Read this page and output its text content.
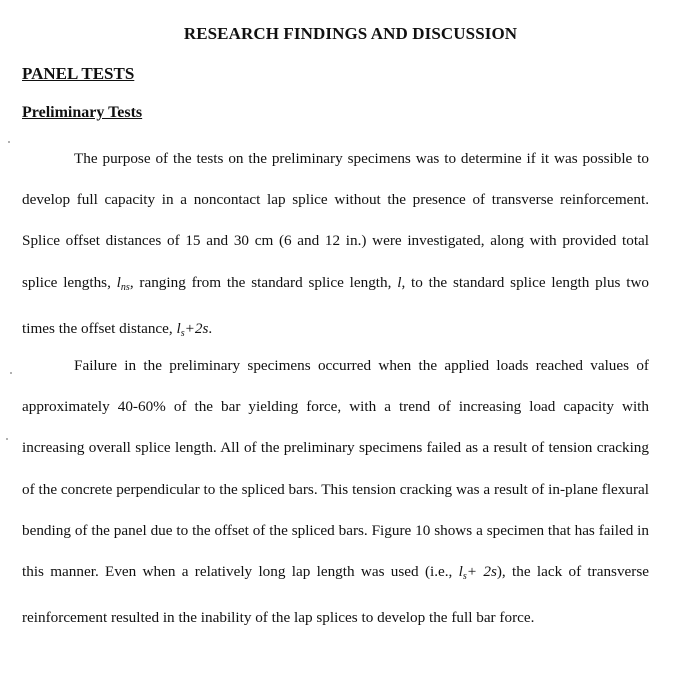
RESEARCH FINDINGS AND DISCUSSION
PANEL TESTS
Preliminary Tests

The purpose of the tests on the preliminary specimens was to determine if it was possible to develop full capacity in a noncontact lap splice without the presence of transverse reinforcement. Splice offset distances of 15 and 30 cm (6 and 12 in.) were investigated, along with provided total splice lengths, $l_{ns}$, ranging from the standard splice length, l, to the standard splice length plus two times the offset distance, $l_s+2s$.

Failure in the preliminary specimens occurred when the applied loads reached values of approximately 40-60% of the bar yielding force, with a trend of increasing load capacity with increasing overall splice length. All of the preliminary specimens failed as a result of tension cracking of the concrete perpendicular to the spliced bars. This tension cracking was a result of in-plane flexural bending of the panel due to the offset of the spliced bars. Figure 10 shows a specimen that has failed in this manner. Even when a relatively long lap length was used (i.e., $l_s+ 2s$), the lack of transverse reinforcement resulted in the inability of the lap splices to develop the full bar force.
